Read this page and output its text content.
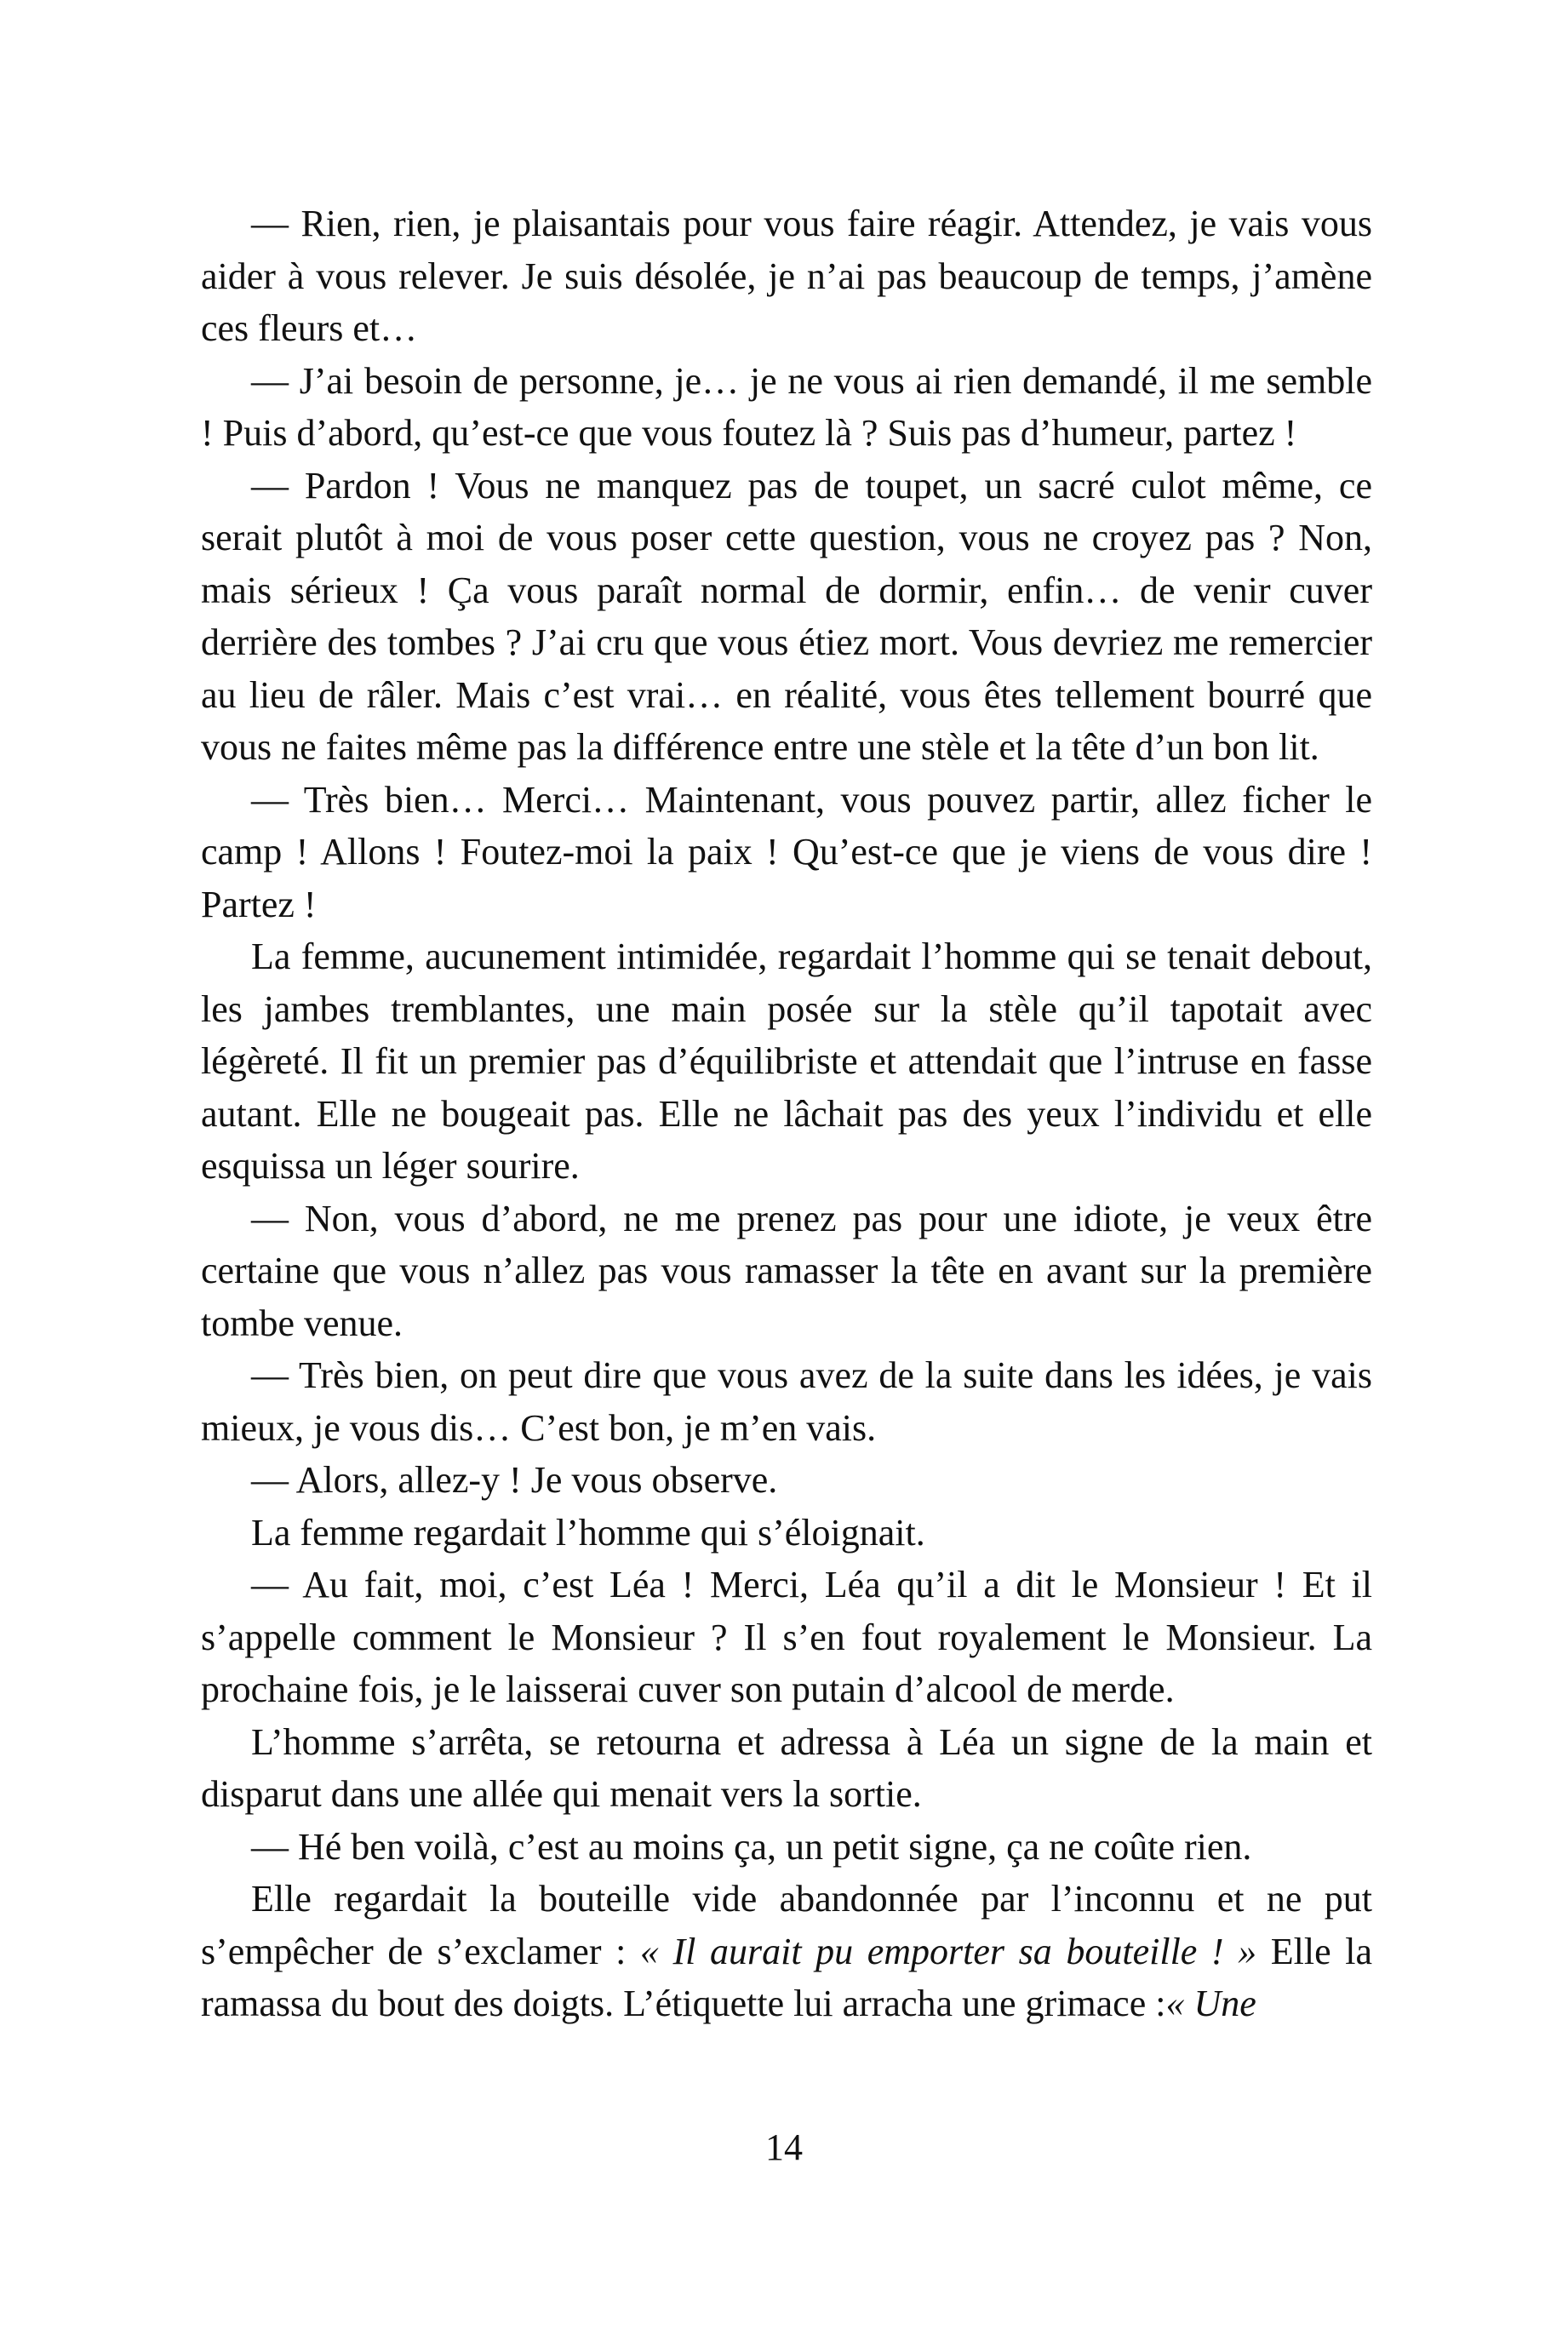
— Rien, rien, je plaisantais pour vous faire réagir. Attendez, je vais vous aider à vous relever. Je suis désolée, je n’ai pas beaucoup de temps, j’amène ces fleurs et…

— J’ai besoin de personne, je… je ne vous ai rien demandé, il me semble ! Puis d’abord, qu’est-ce que vous foutez là ? Suis pas d’humeur, partez !

— Pardon ! Vous ne manquez pas de toupet, un sacré culot même, ce serait plutôt à moi de vous poser cette question, vous ne croyez pas ? Non, mais sérieux ! Ça vous paraît normal de dormir, enfin… de venir cuver derrière des tombes ? J’ai cru que vous étiez mort. Vous devriez me remercier au lieu de râler. Mais c’est vrai… en réalité, vous êtes tellement bourré que vous ne faites même pas la différence entre une stèle et la tête d’un bon lit.

— Très bien… Merci… Maintenant, vous pouvez partir, allez ficher le camp ! Allons ! Foutez-moi la paix ! Qu’est-ce que je viens de vous dire ! Partez !

La femme, aucunement intimidée, regardait l’homme qui se tenait debout, les jambes tremblantes, une main posée sur la stèle qu’il tapotait avec légèreté. Il fit un premier pas d’équilibriste et attendait que l’intruse en fasse autant. Elle ne bougeait pas. Elle ne lâchait pas des yeux l’individu et elle esquissa un léger sourire.

— Non, vous d’abord, ne me prenez pas pour une idiote, je veux être certaine que vous n’allez pas vous ramasser la tête en avant sur la première tombe venue.

— Très bien, on peut dire que vous avez de la suite dans les idées, je vais mieux, je vous dis… C’est bon, je m’en vais.

— Alors, allez-y ! Je vous observe.

La femme regardait l’homme qui s’éloignait.

— Au fait, moi, c’est Léa ! Merci, Léa qu’il a dit le Monsieur ! Et il s’appelle comment le Monsieur ? Il s’en fout royalement le Monsieur. La prochaine fois, je le laisserai cuver son putain d’alcool de merde.

L’homme s’arrêta, se retourna et adressa à Léa un signe de la main et disparut dans une allée qui menait vers la sortie.

— Hé ben voilà, c’est au moins ça, un petit signe, ça ne coûte rien.

Elle regardait la bouteille vide abandonnée par l’inconnu et ne put s’empêcher de s’exclamer : « Il aurait pu emporter sa bouteille ! » Elle la ramassa du bout des doigts. L’étiquette lui arracha une grimace :« Une

14
